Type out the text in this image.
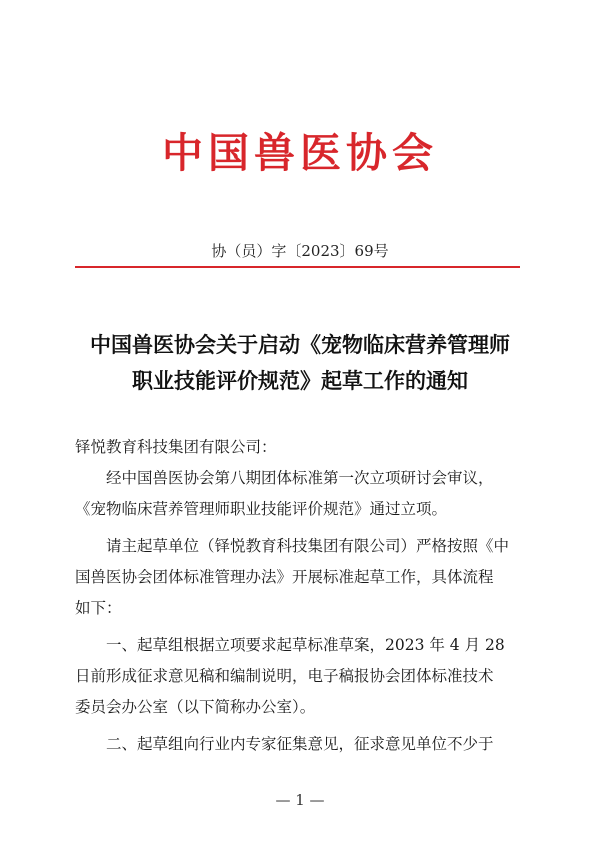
中国兽医协会
协（员）字〔2023〕69号
中国兽医协会关于启动《宠物临床营养管理师
职业技能评价规范》起草工作的通知

铎悦教育科技集团有限公司：

经中国兽医协会第八期团体标准第一次立项研讨会审议，

《宠物临床营养管理师职业技能评价规范》通过立项。

请主起草单位（铎悦教育科技集团有限公司）严格按照《中

国兽医协会团体标准管理办法》开展标准起草工作，具体流程

如下：

一、起草组根据立项要求起草标准草案，2023 年 4 月 28

日前形成征求意见稿和编制说明，电子稿报协会团体标准技术

委员会办公室（以下简称办公室）。

二、起草组向行业内专家征集意见，征求意见单位不少于

— 1 —
